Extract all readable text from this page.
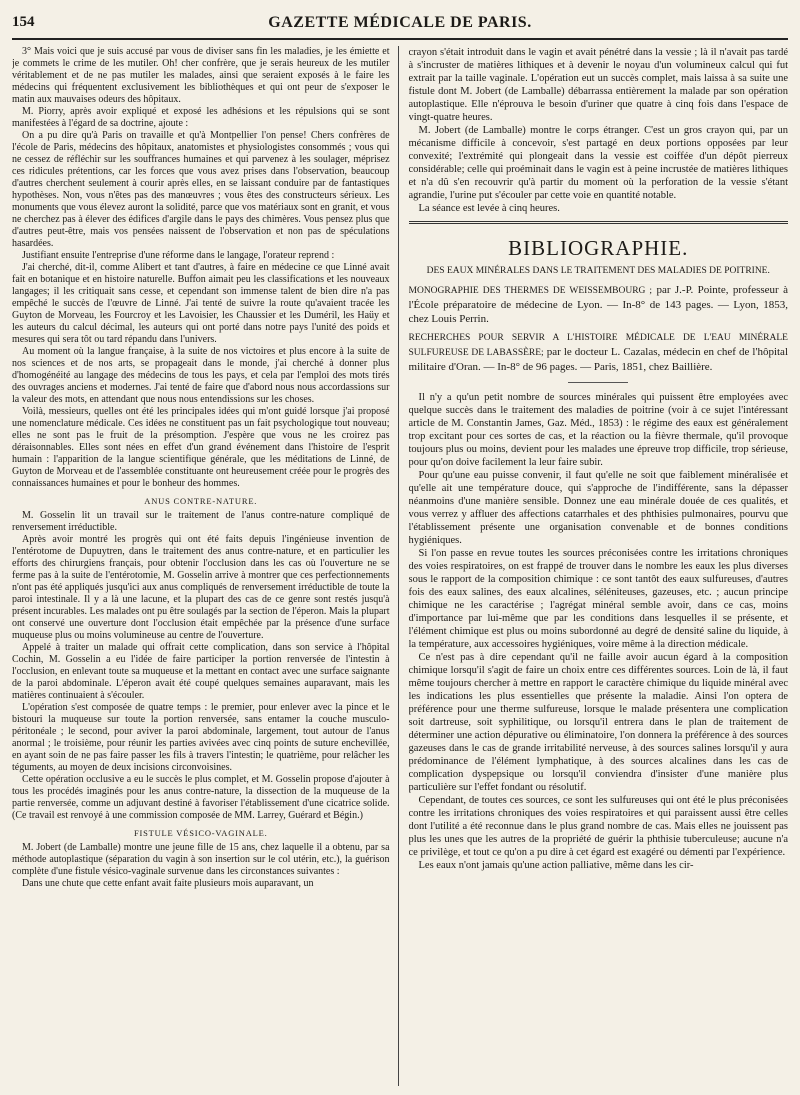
154	GAZETTE MÉDICALE DE PARIS.

3° Mais voici que je suis accusé par vous de diviser sans fin les maladies, je les émiette et je commets le crime de les mutiler. Oh! cher confrère, que je serais heureux de les mutiler véritablement et de ne pas mutiler les malades, ainsi que seraient exposés à le faire les médecins qui fréquentent exclusivement les bibliothèques et qui ont peur de s'exposer le matin aux mauvaises odeurs des hôpitaux.

M. Piorry, après avoir expliqué et exposé les adhésions et les répulsions qui se sont manifestées à l'égard de sa doctrine, ajoute :

On a pu dire qu'à Paris on travaille et qu'à Montpellier l'on pense! Chers confrères de l'école de Paris, médecins des hôpitaux, anatomistes et physiologistes consommés ; vous qui ne cessez de réfléchir sur les souffrances humaines et qui parvenez à les soulager, méprisez ces ridicules prétentions, car les forces que vous avez prises dans l'observation, beaucoup d'autres cherchent seulement à courir après elles, en se laissant conduire par de fantastiques hypothèses. Non, vous n'êtes pas des manœuvres ; vous êtes des constructeurs sérieux. Les monuments que vous élevez auront la solidité, parce que vos matériaux sont en granit, et vous ne cherchez pas à élever des édifices d'argile dans le pays des chimères. Vous pensez plus que d'autres peut-être, mais vos pensées naissent de l'observation et non pas de spéculations hasardées.

Justifiant ensuite l'entreprise d'une réforme dans le langage, l'orateur reprend :

J'ai cherché, dit-il, comme Alibert et tant d'autres, à faire en médecine ce que Linné avait fait en botanique et en histoire naturelle. Buffon aimait peu les classifications et les nouveaux langages; il les critiquait sans cesse, et cependant son immense talent de bien dire n'a pas empêché le succès de l'œuvre de Linné. J'ai tenté de suivre la route qu'avaient tracée les Guyton de Morveau, les Fourcroy et les Lavoisier, les Chaussier et les Duméril, les Haüy et les auteurs du calcul décimal, les auteurs qui ont porté dans notre pays l'unité des poids et mesures qui sera tôt ou tard répandu dans l'univers.

Au moment où la langue française, à la suite de nos victoires et plus encore à la suite de nos sciences et de nos arts, se propageait dans le monde, j'ai cherché à donner plus d'homogénéité au langage des médecins de tous les pays, et cela par l'emploi des mots tirés des ouvrages anciens et modernes. J'ai tenté de faire que d'abord nous nous accordassions sur la valeur des mots, en attendant que nous nous entendissions sur les choses.

Voilà, messieurs, quelles ont été les principales idées qui m'ont guidé lorsque j'ai proposé une nomenclature médicale. Ces idées ne constituent pas un fait psychologique tout nouveau; elles ne sont pas le fruit de la présomption. J'espère que vous ne les croirez pas déraisonnables. Elles sont nées en effet d'un grand événement dans l'histoire de l'esprit humain : l'apparition de la langue scientifique générale, que les méditations de Linné, de Guyton de Morveau et de l'assemblée constituante ont heureusement créée pour le progrès des connaissances humaines et pour le bonheur des hommes.

ANUS CONTRE-NATURE.

M. Gosselin lit un travail sur le traitement de l'anus contre-nature compliqué de renversement irréductible.

Après avoir montré les progrès qui ont été faits depuis l'ingénieuse invention de l'entérotome de Dupuytren, dans le traitement des anus contre-nature, et en particulier les efforts des chirurgiens français, pour obtenir l'occlusion dans les cas où l'ouverture ne se ferme pas à la suite de l'entérotomie, M. Gosselin arrive à montrer que ces perfectionnements n'ont pas été appliqués jusqu'ici aux anus compliqués de renversement irréductible de toute la paroi intestinale. Il y a là une lacune, et la plupart des cas de ce genre sont restés jusqu'à présent incurables. Les malades ont pu être soulagés par la section de l'éperon. Mais la plupart ont conservé une ouverture dont l'occlusion était empêchée par la présence d'une surface muqueuse plus ou moins volumineuse au centre de l'ouverture.

Appelé à traiter un malade qui offrait cette complication, dans son service à l'hôpital Cochin, M. Gosselin a eu l'idée de faire participer la portion renversée de l'intestin à l'occlusion, en enlevant toute sa muqueuse et la mettant en contact avec une surface saignante de la paroi abdominale. L'éperon avait été coupé quelques semaines auparavant, mais les matières continuaient à s'écouler.

L'opération s'est composée de quatre temps : le premier, pour enlever avec la pince et le bistouri la muqueuse sur toute la portion renversée, sans entamer la couche musculo-péritonéale ; le second, pour aviver la paroi abdominale, largement, tout autour de l'anus anormal ; le troisième, pour réunir les parties avivées avec cinq points de suture enchevillée, en ayant soin de ne pas faire passer les fils à travers l'intestin; le quatrième, pour relâcher les téguments, au moyen de deux incisions circonvoisines.

Cette opération occlusive a eu le succès le plus complet, et M. Gosselin propose d'ajouter à tous les procédés imaginés pour les anus contre-nature, la dissection de la muqueuse de la partie renversée, comme un adjuvant destiné à favoriser l'établissement d'une cicatrice solide. (Ce travail est renvoyé à une commission composée de MM. Larrey, Guérard et Bégin.)

FISTULE VÉSICO-VAGINALE.

M. Jobert (de Lamballe) montre une jeune fille de 15 ans, chez laquelle il a obtenu, par sa méthode autoplastique (séparation du vagin à son insertion sur le col utérin, etc.), la guérison complète d'une fistule vésico-vaginale survenue dans les circonstances suivantes :

Dans une chute que cette enfant avait faite plusieurs mois auparavant, un

crayon s'était introduit dans le vagin et avait pénétré dans la vessie ; là il n'avait pas tardé à s'incruster de matières lithiques et à devenir le noyau d'un volumineux calcul qui fut extrait par la taille vaginale. L'opération eut un succès complet, mais laissa à sa suite une fistule dont M. Jobert (de Lamballe) débarrassa entièrement la malade par son opération autoplastique. Elle n'éprouva le besoin d'uriner que quatre à cinq fois dans l'espace de vingt-quatre heures.

M. Jobert (de Lamballe) montre le corps étranger. C'est un gros crayon qui, par un mécanisme difficile à concevoir, s'est partagé en deux portions opposées par leur convexité; l'extrémité qui plongeait dans la vessie est coiffée d'un dépôt pierreux considérable; celle qui proéminait dans le vagin est à peine incrustée de matières lithiques et n'a dû s'en recouvrir qu'à partir du moment où la perforation de la vessie s'étant agrandie, l'urine put s'écouler par cette voie en quantité notable.

La séance est levée à cinq heures.

BIBLIOGRAPHIE.
DES EAUX MINÉRALES DANS LE TRAITEMENT DES MALADIES DE POITRINE.
MONOGRAPHIE DES THERMES DE WEISSEMBOURG ; par J.-P. Pointe, professeur à l'École préparatoire de médecine de Lyon. — In-8° de 143 pages. — Lyon, 1853, chez Louis Perrin.
RECHERCHES POUR SERVIR A L'HISTOIRE MÉDICALE DE L'EAU MINÉRALE SULFUREUSE DE LABASSÈRE; par le docteur L. Cazalas, médecin en chef de l'hôpital militaire d'Oran. — In-8° de 96 pages. — Paris, 1851, chez Baillière.

Il n'y a qu'un petit nombre de sources minérales qui puissent être employées avec quelque succès dans le traitement des maladies de poitrine (voir à ce sujet l'intéressant article de M. Constantin James, Gaz. Méd., 1853) : le régime des eaux est généralement trop excitant pour ces sortes de cas, et la réaction ou la fièvre thermale, qu'il provoque toujours plus ou moins, devient pour les malades une épreuve trop difficile, trop sérieuse, pour qu'on doive facilement la leur faire subir.

Pour qu'une eau puisse convenir, il faut qu'elle ne soit que faiblement minéralisée et qu'elle ait une température douce, qui s'approche de l'indifférente, sans la dépasser néanmoins d'une manière sensible. Donnez une eau minérale douée de ces qualités, et vous verrez y affluer des affections catarrhales et des phthisies pulmonaires, pourvu que l'établissement présente une organisation convenable et de bonnes conditions hygiéniques.

Si l'on passe en revue toutes les sources préconisées contre les irritations chroniques des voies respiratoires, on est frappé de trouver dans le nombre les eaux les plus diverses sous le rapport de la composition chimique : ce sont tantôt des eaux sulfureuses, d'autres fois des eaux salines, des eaux alcalines, séléniteuses, gazeuses, etc. ; aucun principe chimique ne les caractérise ; l'agrégat minéral semble avoir, dans ce cas, moins d'importance par lui-même que par les conditions dans lesquelles il se présente, et l'élément chimique est plus ou moins subordonné au degré de densité saline du liquide, à la température, aux accessoires hygiéniques, voire même à la direction médicale.

Ce n'est pas à dire cependant qu'il ne faille avoir aucun égard à la composition chimique lorsqu'il s'agit de faire un choix entre ces différentes sources. Loin de là, il faut même toujours chercher à mettre en rapport le caractère chimique du liquide minéral avec les indications les plus essentielles que présente la maladie. Ainsi l'on optera de préférence pour une therme sulfureuse, lorsque le malade présentera une complication soit dartreuse, soit syphilitique, ou lorsqu'il entrera dans le plan de traitement de déterminer une action dépurative ou éliminatoire, l'on donnera la préférence à des sources gazeuses dans le cas de grande irritabilité nerveuse, à des sources salines lorsqu'il y aura prédominance de l'élément lymphatique, à des sources alcalines dans les cas de complication dyspepsique ou lorsqu'il conviendra d'insister d'une manière plus particulière sur l'effet fondant ou résolutif.

Cependant, de toutes ces sources, ce sont les sulfureuses qui ont été le plus préconisées contre les irritations chroniques des voies respiratoires et qui paraissent aussi être celles dont l'utilité a été reconnue dans le plus grand nombre de cas. Mais elles ne jouissent pas plus les unes que les autres de la propriété de guérir la phthisie tuberculeuse; aucune n'a ce privilège, et tout ce qu'on a pu dire à cet égard est exagéré ou démenti par l'expérience.

Les eaux n'ont jamais qu'une action palliative, même dans les cir-
